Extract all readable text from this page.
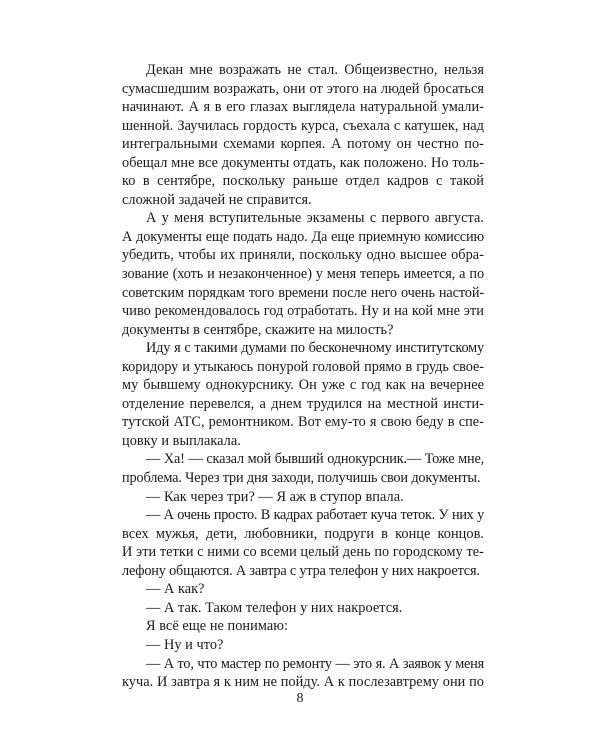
Декан мне возражать не стал. Общеизвестно, нельзя
сумасшедшим возражать, они от этого на людей бросаться
начинают. А я в его глазах выглядела натуральной умали-
шенной. Заучилась гордость курса, съехала с катушек, над
интегральными схемами корпея. А потому он честно по-
обещал мне все документы отдать, как положено. Но толь-
ко в сентябре, поскольку раньше отдел кадров с такой
сложной задачей не справится.
А у меня вступительные экзамены с первого августа.
А документы еще подать надо. Да еще приемную комиссию
убедить, чтобы их приняли, поскольку одно высшее обра-
зование (хоть и незаконченное) у меня теперь имеется, а по
советским порядкам того времени после него очень настой-
чиво рекомендовалось год отработать. Ну и на кой мне эти
документы в сентябре, скажите на милость?
Иду я с такими думами по бесконечному институтскому
коридору и утыкаюсь понурой головой прямо в грудь свое-
му бывшему однокурснику. Он уже с год как на вечернее
отделение перевелся, а днем трудился на местной инсти-
тутской АТС, ремонтником. Вот ему-то я свою беду в спе-
цовку и выплакала.
— Ха! — сказал мой бывший однокурсник.— Тоже мне,
проблема. Через три дня заходи, получишь свои документы.
— Как через три? — Я аж в ступор впала.
— А очень просто. В кадрах работает куча теток. У них у
всех мужья, дети, любовники, подруги в конце концов.
И эти тетки с ними со всеми целый день по городскому те-
лефону общаются. А завтра с утра телефон у них накроется.
— А как?
— А так. Таком телефон у них накроется.
Я всё еще не понимаю:
— Ну и что?
— А то, что мастер по ремонту — это я. А заявок у меня
куча. И завтра я к ним не пойду. А к послезавтрему они по
8
